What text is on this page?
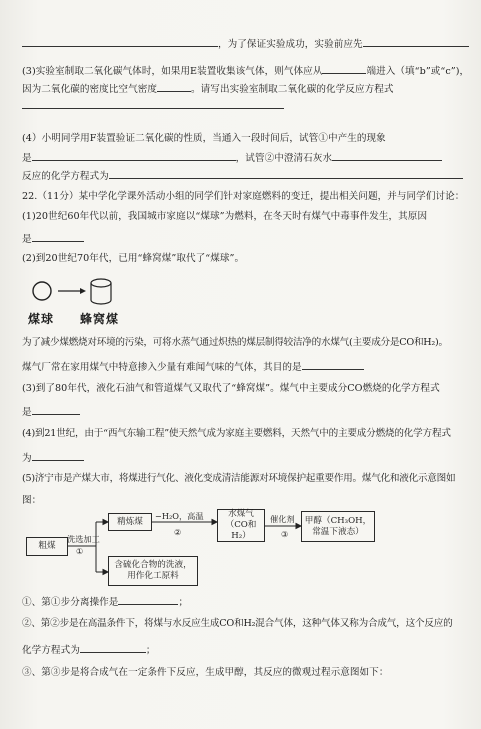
，为了保证实验成功，实验前应先
(3)实验室制取二氧化碳气体时，如果用E装置收集该气体，则气体应从	端进入（填“b”或“c”)，
因为二氧化碳的密度比空气密度	。请写出实验室制取二氧化碳的化学反应方程式
(4）小明同学用F装置验证二氧化碳的性质，当通入一段时间后，试管①中产生的现象
是	，试管②中澄清石灰水
反应的化学方程式为
22.（11分）某中学化学课外活动小组的同学们针对家庭燃料的变迁，提出相关问题，并与同学们讨论：
(1)20世纪60年代以前，我国城市家庭以“煤球”为燃料，在冬天时有煤气中毒事件发生，其原因
是
(2)到20世纪70年代，已用“蜂窝煤”取代了“煤球”。
煤球 蜂窝煤
为了减少煤燃烧对环境的污染，可将水蒸气通过炽热的煤层制得较洁净的水煤气(主要成分是CO和H₂)。
煤气厂常在家用煤气中特意掺入少量有难闻气味的气体，其目的是
(3)到了80年代，液化石油气和管道煤气又取代了“蜂窝煤”。煤气中主要成分CO燃烧的化学方程式
是
(4)到21世纪，由于“西气东输工程”使天然气成为家庭主要燃料，天然气中的主要成分燃烧的化学方程式
为
(5)济宁市是产煤大市，将煤进行气化、液化变成清洁能源对环境保护起重要作用。煤气化和液化示意图如
图：
粗煤
洗选加工
①
精炼煤
−H₂O，高温
②
水煤气
（CO和 H₂）
催化剂
③
甲醇（CH₃OH，
常温下液态）
含硫化合物的洗液，
用作化工原料
①、第①步分离操作是	；
②、第②步是在高温条件下，将煤与水反应生成CO和H₂混合气体，这种气体又称为合成气，这个反应的
化学方程式为	；
③、第③步是将合成气在一定条件下反应，生成甲醇，其反应的微观过程示意图如下：
